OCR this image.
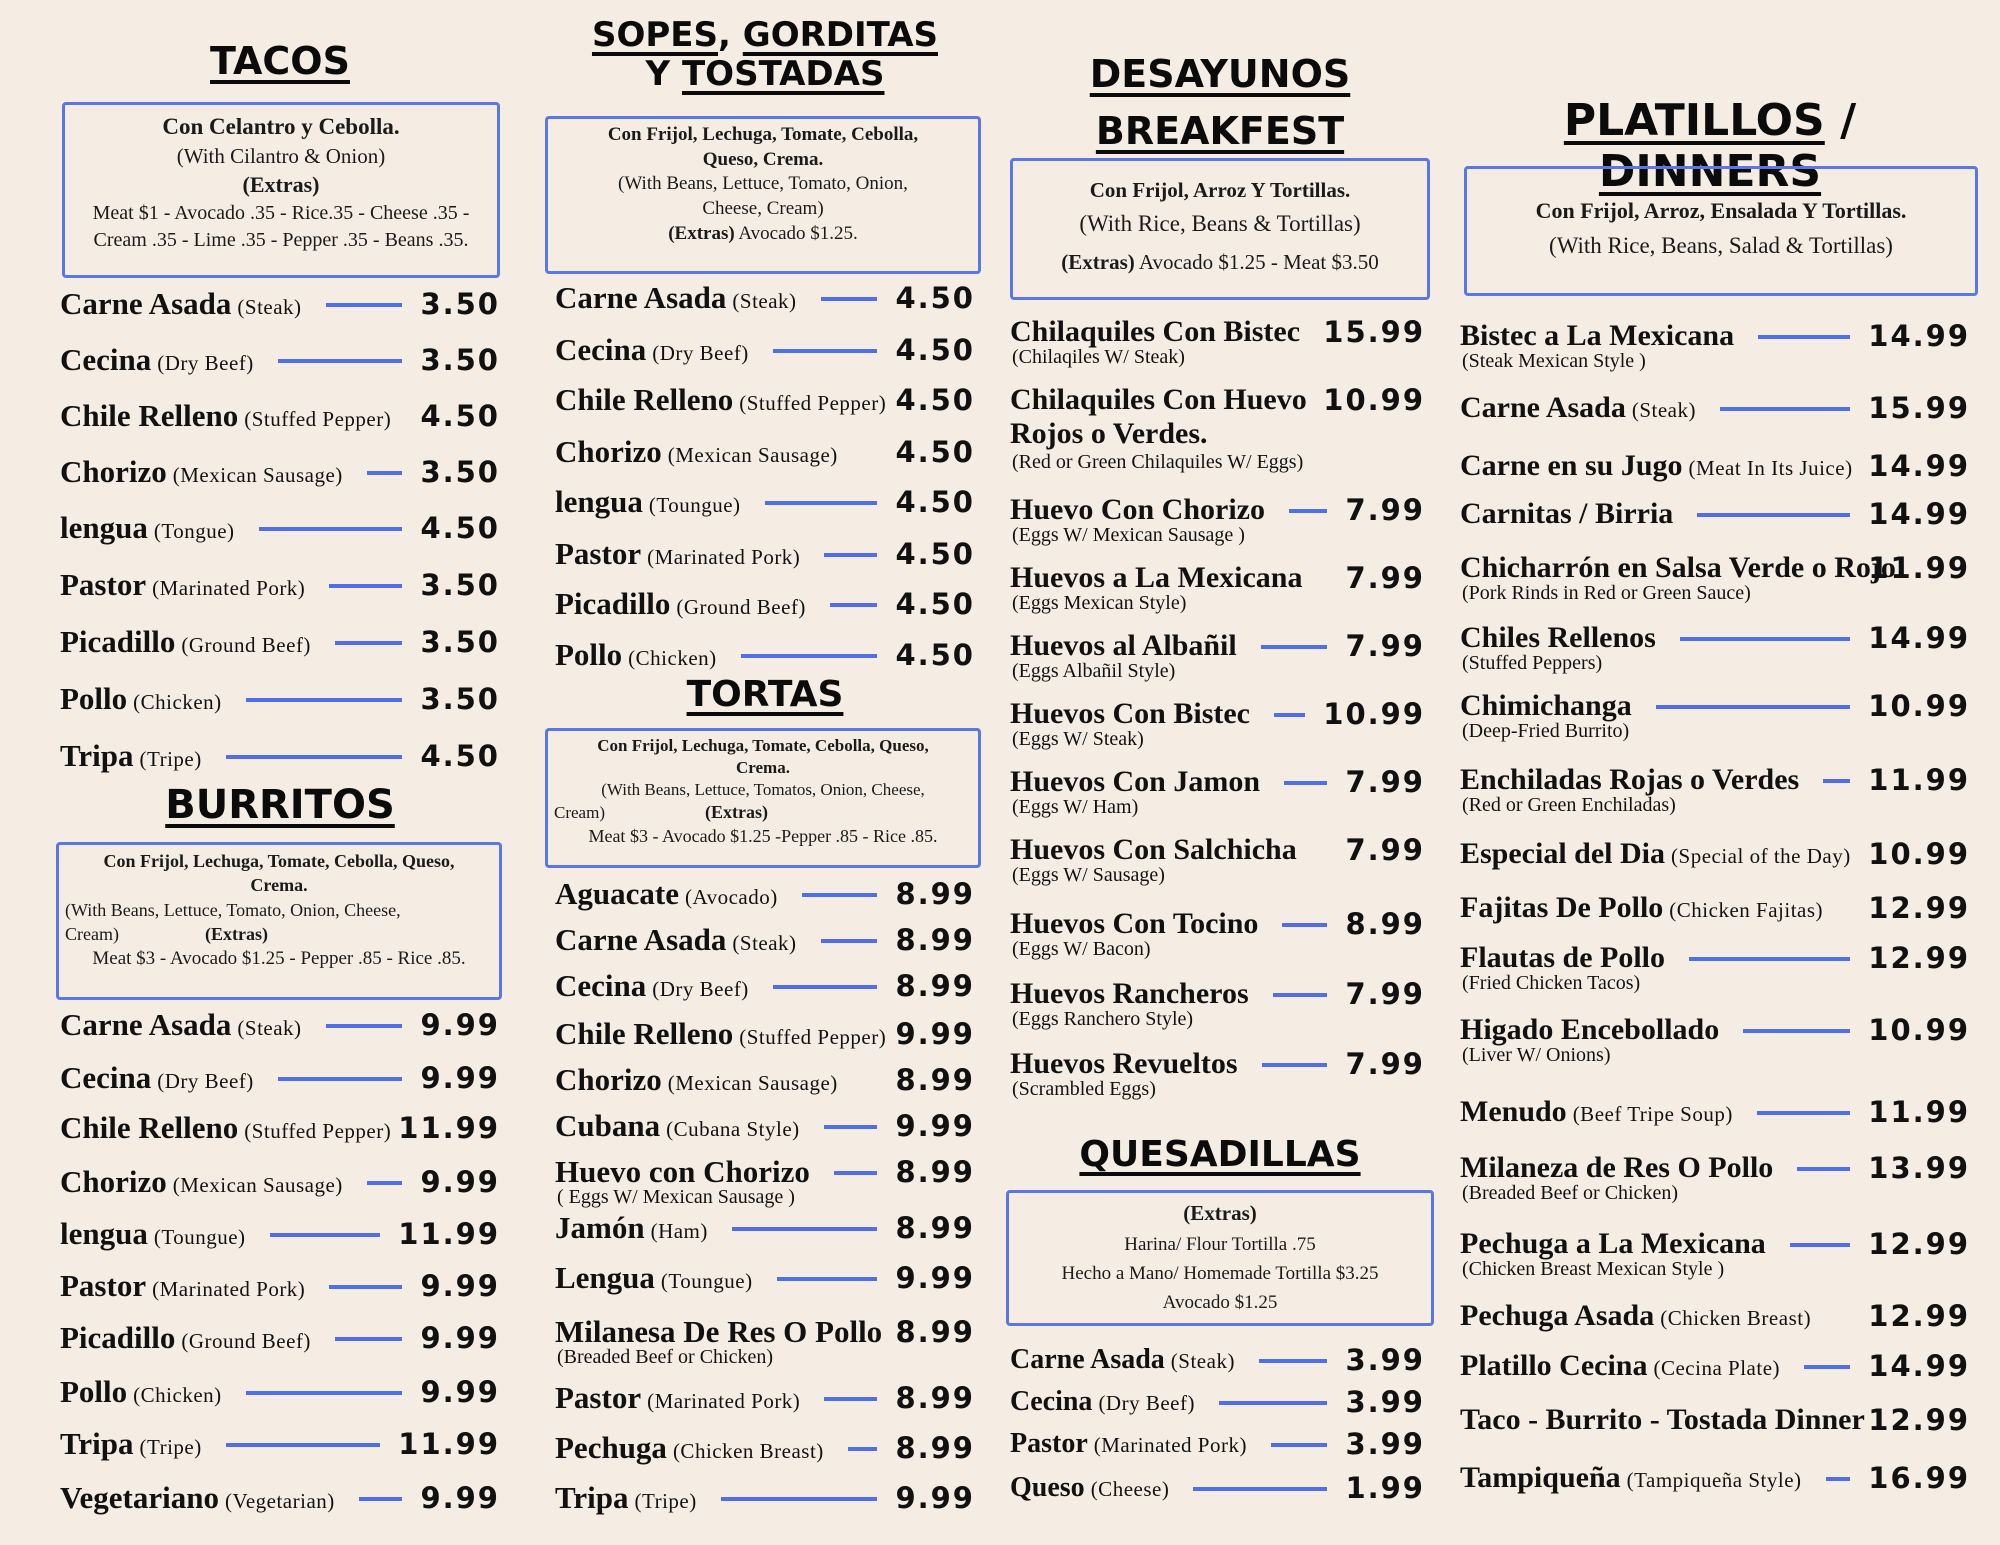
TACOS
Con Celantro y Cebolla.
(With Cilantro & Onion)
(Extras)
Meat $1 - Avocado .35 - Rice.35 - Cheese .35 -
Cream .35 - Lime .35 - Pepper .35 - Beans .35.
Carne Asada (Steak)	3.50
Cecina (Dry Beef)	3.50
Chile Relleno (Stuffed Pepper) 4.50
Chorizo (Mexican Sausage)	3.50
lengua (Tongue)	4.50
Pastor (Marinated Pork)	3.50
Picadillo (Ground Beef)	3.50
Pollo (Chicken)	3.50
Tripa (Tripe)	4.50
BURRITOS
Con Frijol, Lechuga, Tomate, Cebolla, Queso,
Crema.
(With Beans, Lettuce, Tomato, Onion, Cheese,
Cream)	(Extras)
Meat $3 - Avocado $1.25 - Pepper .85 - Rice .85.
Carne Asada (Steak)	9.99
Cecina (Dry Beef)	9.99
Chile Relleno (Stuffed Pepper) 11.99
Chorizo (Mexican Sausage)	9.99
lengua (Toungue)	11.99
Pastor (Marinated Pork)	9.99
Picadillo (Ground Beef)	9.99
Pollo (Chicken)	9.99
Tripa (Tripe)	11.99
Vegetariano (Vegetarian)	9.99
SOPES, GORDITAS
Y TOSTADAS
Con Frijol, Lechuga, Tomate, Cebolla,
Queso, Crema.
(With Beans, Lettuce, Tomato, Onion,
Cheese, Cream)
(Extras) Avocado $1.25.
Carne Asada (Steak)	4.50
Cecina (Dry Beef)	4.50
Chile Relleno (Stuffed Pepper) 4.50
Chorizo (Mexican Sausage) 4.50
lengua (Toungue)	4.50
Pastor (Marinated Pork)	4.50
Picadillo (Ground Beef)	4.50
Pollo (Chicken)	4.50
TORTAS
Con Frijol, Lechuga, Tomate, Cebolla, Queso,
Crema.
(With Beans, Lettuce, Tomatos, Onion, Cheese,
Cream)	(Extras)
Meat $3 - Avocado $1.25 -Pepper .85 - Rice .85.
Aguacate (Avocado)	8.99
Carne Asada (Steak)	8.99
Cecina (Dry Beef)	8.99
Chile Relleno (Stuffed Pepper) 9.99
Chorizo (Mexican Sausage) 8.99
Cubana (Cubana Style)	9.99
Huevo con Chorizo
( Eggs W/ Mexican Sausage )
8.99
Jamón (Ham)	8.99
Lengua (Toungue)	9.99
Milanesa De Res O Pollo
(Breaded Beef or Chicken)
8.99
Pastor (Marinated Pork)	8.99
Pechuga (Chicken Breast) 8.99
Tripa (Tripe)	9.99
DESAYUNOS
BREAKFEST
Con Frijol, Arroz Y Tortillas.
(With Rice, Beans & Tortillas)
(Extras) Avocado $1.25 - Meat $3.50
Chilaquiles Con Bistec
(Chilaqiles W/ Steak)
15.99
Chilaquiles Con Huevo
Rojos o Verdes.
(Red or Green Chilaquiles W/ Eggs)
10.99
Huevo Con Chorizo
(Eggs W/ Mexican Sausage )
7.99
Huevos a La Mexicana
(Eggs Mexican Style)
7.99
Huevos al Albañil
(Eggs Albañil Style)
7.99
Huevos Con Bistec
(Eggs W/ Steak)
10.99
Huevos Con Jamon
(Eggs W/ Ham)
7.99
Huevos Con Salchicha
(Eggs W/ Sausage)
7.99
Huevos Con Tocino
(Eggs W/ Bacon)
8.99
Huevos Rancheros
(Eggs Ranchero Style)
7.99
Huevos Revueltos
(Scrambled Eggs)
7.99
QUESADILLAS
(Extras)
Harina/ Flour Tortilla .75
Hecho a Mano/ Homemade Tortilla $3.25
Avocado $1.25
Carne Asada (Steak)	3.99
Cecina (Dry Beef)	3.99
Pastor (Marinated Pork)	3.99
Queso (Cheese)	1.99
PLATILLOS / DINNERS
Con Frijol, Arroz, Ensalada Y Tortillas.
(With Rice, Beans, Salad & Tortillas)
Bistec a La Mexicana
(Steak Mexican Style )
14.99
Carne Asada (Steak)	15.99
Carne en su Jugo (Meat In Its Juice) 14.99
Carnitas / Birria	14.99
Chicharrón en Salsa Verde o Rojo
(Pork Rinds in Red or Green Sauce)
11.99
Chiles Rellenos
(Stuffed Peppers)
14.99
Chimichanga
(Deep-Fried Burrito)
10.99
Enchiladas Rojas o Verdes
(Red or Green Enchiladas)
11.99
Especial del Dia (Special of the Day) 10.99
Fajitas De Pollo (Chicken Fajitas) 12.99
Flautas de Pollo
(Fried Chicken Tacos)
12.99
Higado Encebollado
(Liver W/ Onions)
10.99
Menudo (Beef Tripe Soup)	11.99
Milaneza de Res O Pollo
(Breaded Beef or Chicken)
13.99
Pechuga a La Mexicana
(Chicken Breast Mexican Style )
12.99
Pechuga Asada (Chicken Breast) 12.99
Platillo Cecina (Cecina Plate)	14.99
Taco - Burrito - Tostada Dinner 12.99
Tampiqueña (Tampiqueña Style) 16.99
